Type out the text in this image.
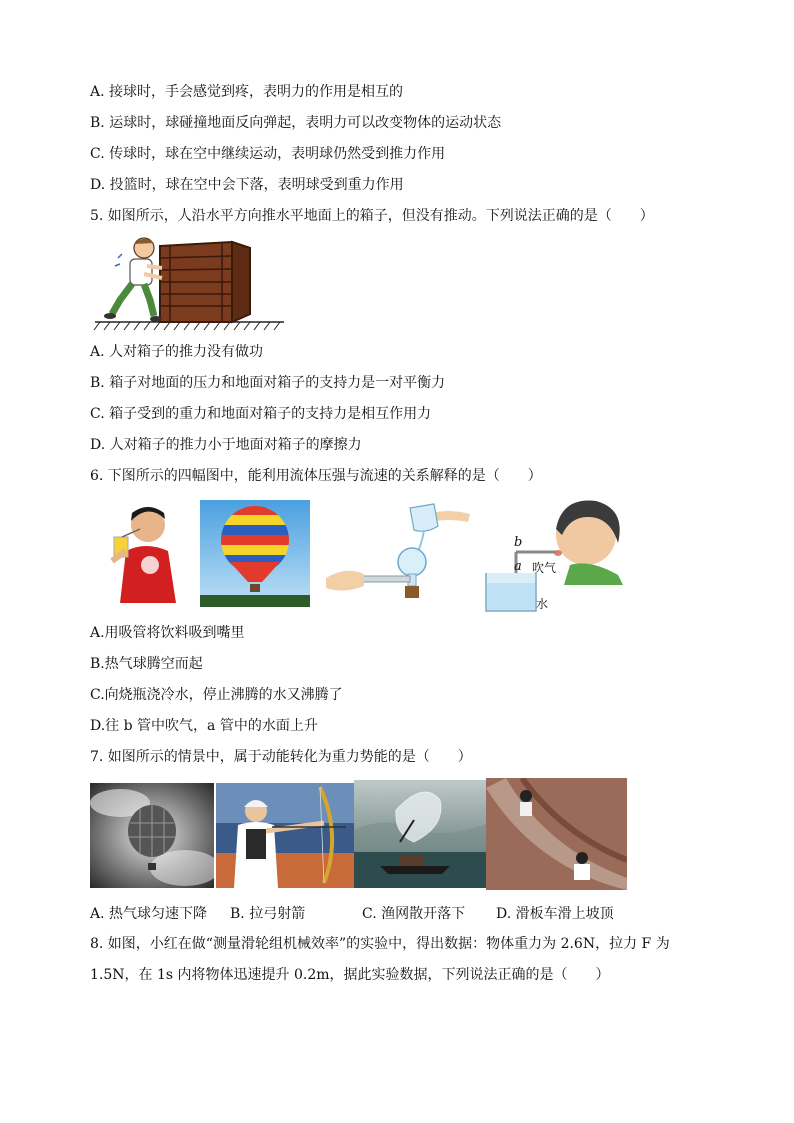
A. 接球时，手会感觉到疼，表明力的作用是相互的
B. 运球时，球碰撞地面反向弹起，表明力可以改变物体的运动状态
C. 传球时，球在空中继续运动，表明球仍然受到推力作用
D. 投篮时，球在空中会下落，表明球受到重力作用
5. 如图所示，人沿水平方向推水平地面上的箱子，但没有推动。下列说法正确的是（　　）
A. 人对箱子的推力没有做功
B. 箱子对地面的压力和地面对箱子的支持力是一对平衡力
C. 箱子受到的重力和地面对箱子的支持力是相互作用力
D. 人对箱子的推力小于地面对箱子的摩擦力
6. 下图所示的四幅图中，能利用流体压强与流速的关系解释的是（　　）
b
a 吹气
水
A.用吸管将饮料吸到嘴里
B.热气球腾空而起
C.向烧瓶浇冷水，停止沸腾的水又沸腾了
D.往 b 管中吹气，a 管中的水面上升
7. 如图所示的情景中，属于动能转化为重力势能的是（　　）
A. 热气球匀速下降 B. 拉弓射箭	C. 渔网散开落下 D. 滑板车滑上坡顶
8. 如图，小红在做“测量滑轮组机械效率”的实验中，得出数据：物体重力为 2.6N，拉力 F 为
1.5N，在 1s 内将物体迅速提升 0.2m，据此实验数据，下列说法正确的是（　　）
